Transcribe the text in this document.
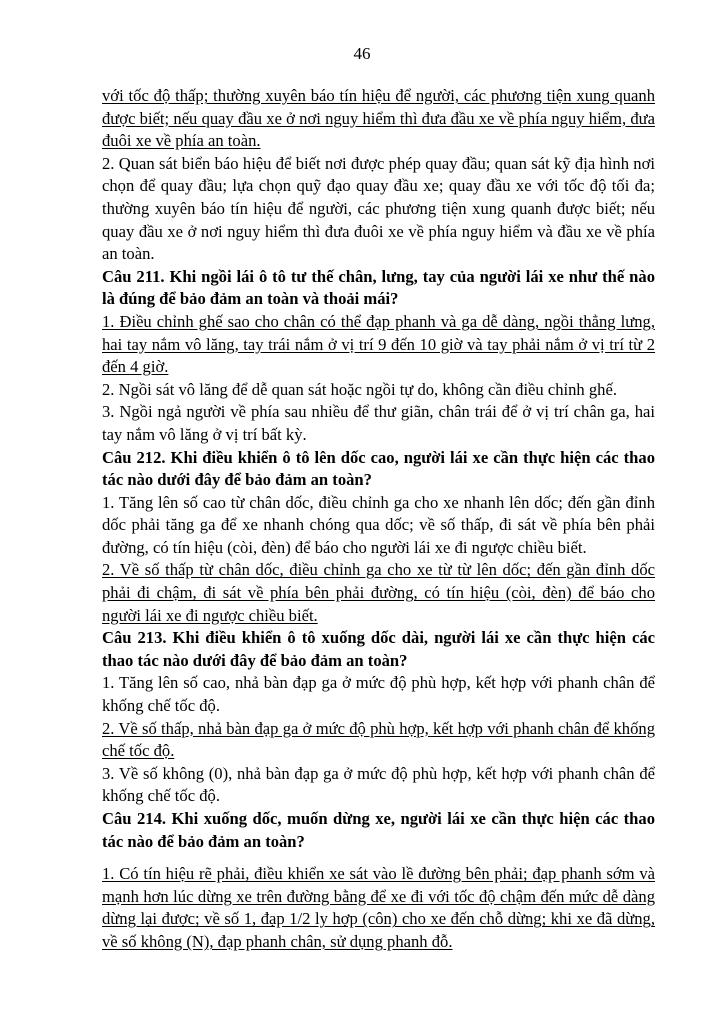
46

với tốc độ thấp; thường xuyên báo tín hiệu để người, các phương tiện xung quanh được biết; nếu quay đầu xe ở nơi nguy hiểm thì đưa đầu xe về phía nguy hiểm, đưa đuôi xe về phía an toàn.

2. Quan sát biển báo hiệu để biết nơi được phép quay đầu; quan sát kỹ địa hình nơi chọn để quay đầu; lựa chọn quỹ đạo quay đầu xe; quay đầu xe với tốc độ tối đa; thường xuyên báo tín hiệu để người, các phương tiện xung quanh được biết; nếu quay đầu xe ở nơi nguy hiểm thì đưa đuôi xe về phía nguy hiểm và đầu xe về phía an toàn.

Câu 211. Khi ngồi lái ô tô tư thế chân, lưng, tay của người lái xe như thế nào là đúng để bảo đảm an toàn và thoải mái?

1. Điều chỉnh ghế sao cho chân có thể đạp phanh và ga dễ dàng, ngồi thẳng lưng, hai tay nắm vô lăng, tay trái nắm ở vị trí 9 đến 10 giờ và tay phải nắm ở vị trí từ 2 đến 4 giờ.

2. Ngồi sát vô lăng để dễ quan sát hoặc ngồi tự do, không cần điều chỉnh ghế.

3. Ngồi ngả người về phía sau nhiều để thư giãn, chân trái để ở vị trí chân ga, hai tay nắm vô lăng ở vị trí bất kỳ.

Câu 212. Khi điều khiển ô tô lên dốc cao, người lái xe cần thực hiện các thao tác nào dưới đây để bảo đảm an toàn?

1. Tăng lên số cao từ chân dốc, điều chỉnh ga cho xe nhanh lên dốc; đến gần đỉnh dốc phải tăng ga để xe nhanh chóng qua dốc; về số thấp, đi sát về phía bên phải đường, có tín hiệu (còi, đèn) để báo cho người lái xe đi ngược chiều biết.

2. Về số thấp từ chân dốc, điều chỉnh ga cho xe từ từ lên dốc; đến gần đỉnh dốc phải đi chậm, đi sát về phía bên phải đường, có tín hiệu (còi, đèn) để báo cho người lái xe đi ngược chiều biết.

Câu 213. Khi điều khiển ô tô xuống dốc dài, người lái xe cần thực hiện các thao tác nào dưới đây để bảo đảm an toàn?

1. Tăng lên số cao, nhả bàn đạp ga ở mức độ phù hợp, kết hợp với phanh chân để khống chế tốc độ.

2. Về số thấp, nhả bàn đạp ga ở mức độ phù hợp, kết hợp với phanh chân để khống chế tốc độ.

3. Về số không (0), nhả bàn đạp ga ở mức độ phù hợp, kết hợp với phanh chân để khống chế tốc độ.

Câu 214. Khi xuống dốc, muốn dừng xe, người lái xe cần thực hiện các thao tác nào để bảo đảm an toàn?

1. Có tín hiệu rẽ phải, điều khiển xe sát vào lề đường bên phải; đạp phanh sớm và mạnh hơn lúc dừng xe trên đường bằng để xe đi với tốc độ chậm đến mức dễ dàng dừng lại được; về số 1, đạp 1/2 ly hợp (côn) cho xe đến chỗ dừng; khi xe đã dừng, về số không (N), đạp phanh chân, sử dụng phanh đỗ.
